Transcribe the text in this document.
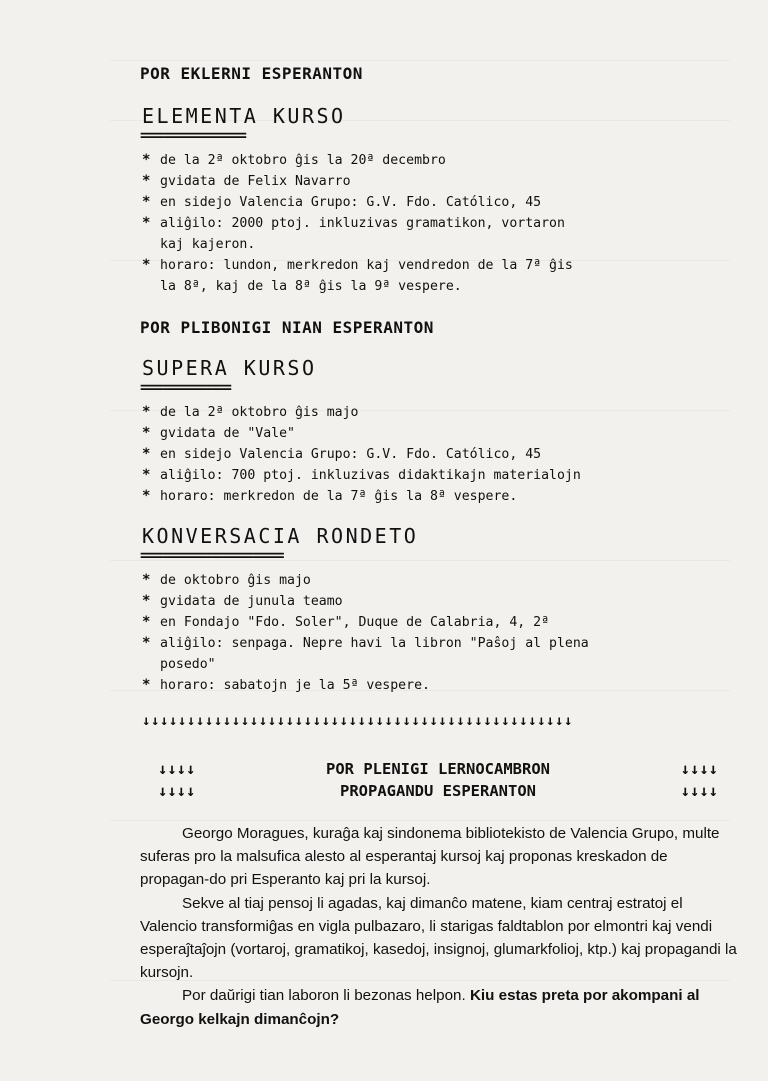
POR EKLERNI ESPERANTON
ELEMENTA KURSO
==============
* de la 2ª oktobro ĝis la 20ª decembro
* gvidata de Felix Navarro
* en sidejo Valencia Grupo: G.V. Fdo. Católico, 45
* aliĝilo: 2000 ptoj. inkluzivas gramatikon, vortaron
kaj kajeron.
* horaro: lundon, merkredon kaj vendredon de la 7ª ĝis
la 8ª, kaj de la 8ª ĝis la 9ª vespere.
POR PLIBONIGI NIAN ESPERANTON
SUPERA KURSO
============
* de la 2ª oktobro ĝis majo
* gvidata de "Vale"
* en sidejo Valencia Grupo: G.V. Fdo. Católico, 45
* aliĝilo: 700 ptoj. inkluzivas didaktikajn materialojn
* horaro: merkredon de la 7ª ĝis la 8ª vespere.
KONVERSACIA RONDETO
===================
* de oktobro ĝis majo
* gvidata de junula teamo
* en Fondajo "Fdo. Soler", Duque de Calabria, 4, 2ª
* aliĝilo: senpaga. Nepre havi la libron "Paŝoj al plena
posedo"
* horaro: sabatojn je la 5ª vespere.
↓↓↓↓↓↓↓↓↓↓↓↓↓↓↓↓↓↓↓↓↓↓↓↓↓↓↓↓↓↓↓↓↓↓↓↓↓↓↓↓↓↓↓↓↓↓↓↓
↓↓↓↓	POR PLENIGI LERNOCAMBRON	↓↓↓↓
↓↓↓↓	PROPAGANDU ESPERANTON	↓↓↓↓

Georgo Moragues, kuraĝa kaj sindonema bibliotekisto de Valencia Grupo, multe suferas pro la malsufica alesto al esperantaj kursoj kaj proponas kreskadon de propagan-do pri Esperanto kaj pri la kursoj.

Sekve al tiaj pensoj li agadas, kaj dimanĉo matene, kiam centraj estratoj el Valencio transformiĝas en vigla pulbazaro, li starigas faldtablon por elmontri kaj vendi esperaĵtaĵojn (vortaroj, gramatikoj, kasedoj, insignoj, glumarkfolioj, ktp.) kaj propagandi la kursojn.

Por daŭrigi tian laboron li bezonas helpon. Kiu estas preta por akompani al Georgo kelkajn dimanĉojn?
